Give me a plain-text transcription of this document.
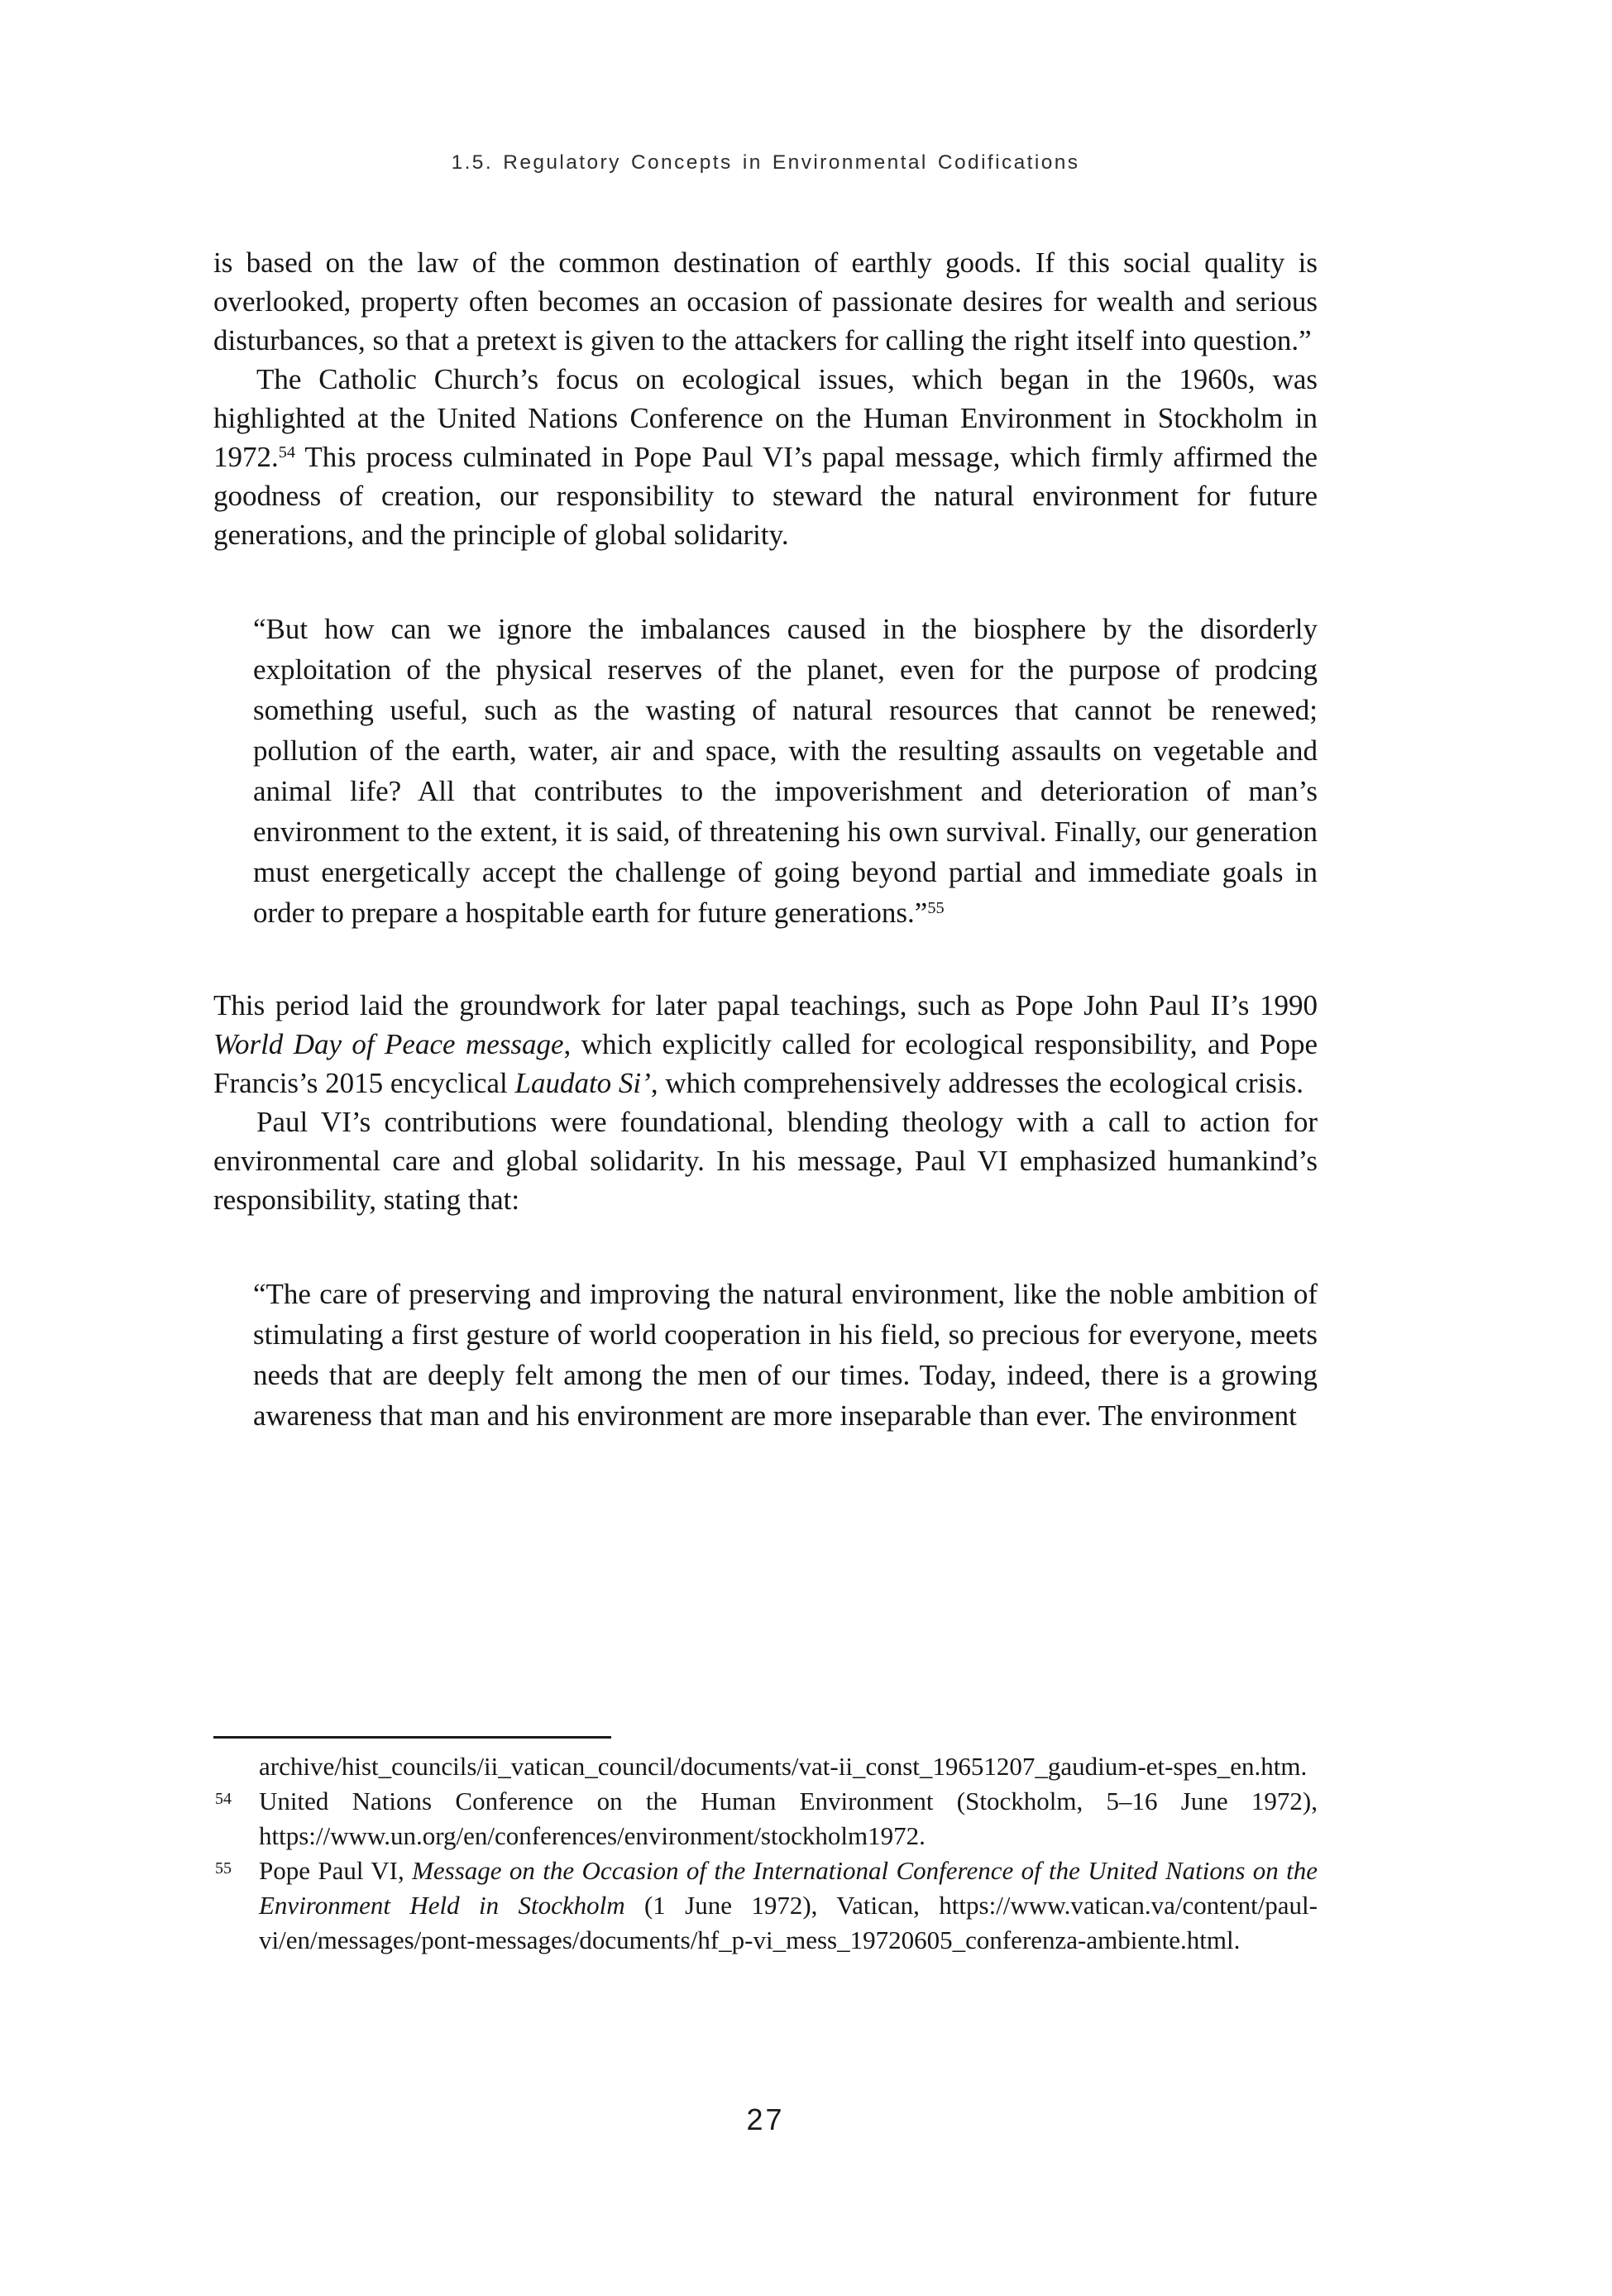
1.5. Regulatory Concepts in Environmental Codifications

is based on the law of the common destination of earthly goods. If this social quality is overlooked, property often becomes an occasion of passionate desires for wealth and serious disturbances, so that a pretext is given to the attackers for calling the right itself into question.”

The Catholic Church’s focus on ecological issues, which began in the 1960s, was highlighted at the United Nations Conference on the Human Environment in Stockholm in 1972.54 This process culminated in Pope Paul VI’s papal message, which firmly affirmed the goodness of creation, our responsibility to steward the natural environment for future generations, and the principle of global solidarity.

“But how can we ignore the imbalances caused in the biosphere by the disorderly exploitation of the physical reserves of the planet, even for the purpose of prodcing something useful, such as the wasting of natural resources that cannot be renewed; pollution of the earth, water, air and space, with the resulting assaults on vegetable and animal life? All that contributes to the impoverishment and deterioration of man’s environment to the extent, it is said, of threatening his own survival. Finally, our generation must energetically accept the challenge of going beyond partial and immediate goals in order to prepare a hospitable earth for future generations.”$^{55}$

This period laid the groundwork for later papal teachings, such as Pope John Paul II’s 1990 World Day of Peace message, which explicitly called for ecological responsibility, and Pope Francis’s 2015 encyclical Laudato Si’, which comprehensively addresses the ecological crisis.

Paul VI’s contributions were foundational, blending theology with a call to action for environmental care and global solidarity. In his message, Paul VI emphasized humankind’s responsibility, stating that:

“The care of preserving and improving the natural environment, like the noble ambition of stimulating a first gesture of world cooperation in his field, so precious for everyone, meets needs that are deeply felt among the men of our times. Today, indeed, there is a growing awareness that man and his environment are more inseparable than ever. The environment
archive/hist_councils/ii_vatican_council/documents/vat-ii_const_19651207_gaudium-et-spes_en.htm.
54 United Nations Conference on the Human Environment (Stockholm, 5–16 June 1972), https://www.un.org/en/conferences/environment/stockholm1972.
55 Pope Paul VI, Message on the Occasion of the International Conference of the United Nations on the Environment Held in Stockholm (1 June 1972), Vatican, https://www.vatican.va/content/paul-vi/en/messages/pont-messages/documents/hf_p-vi_mess_19720605_conferenza-ambiente.html.
27
